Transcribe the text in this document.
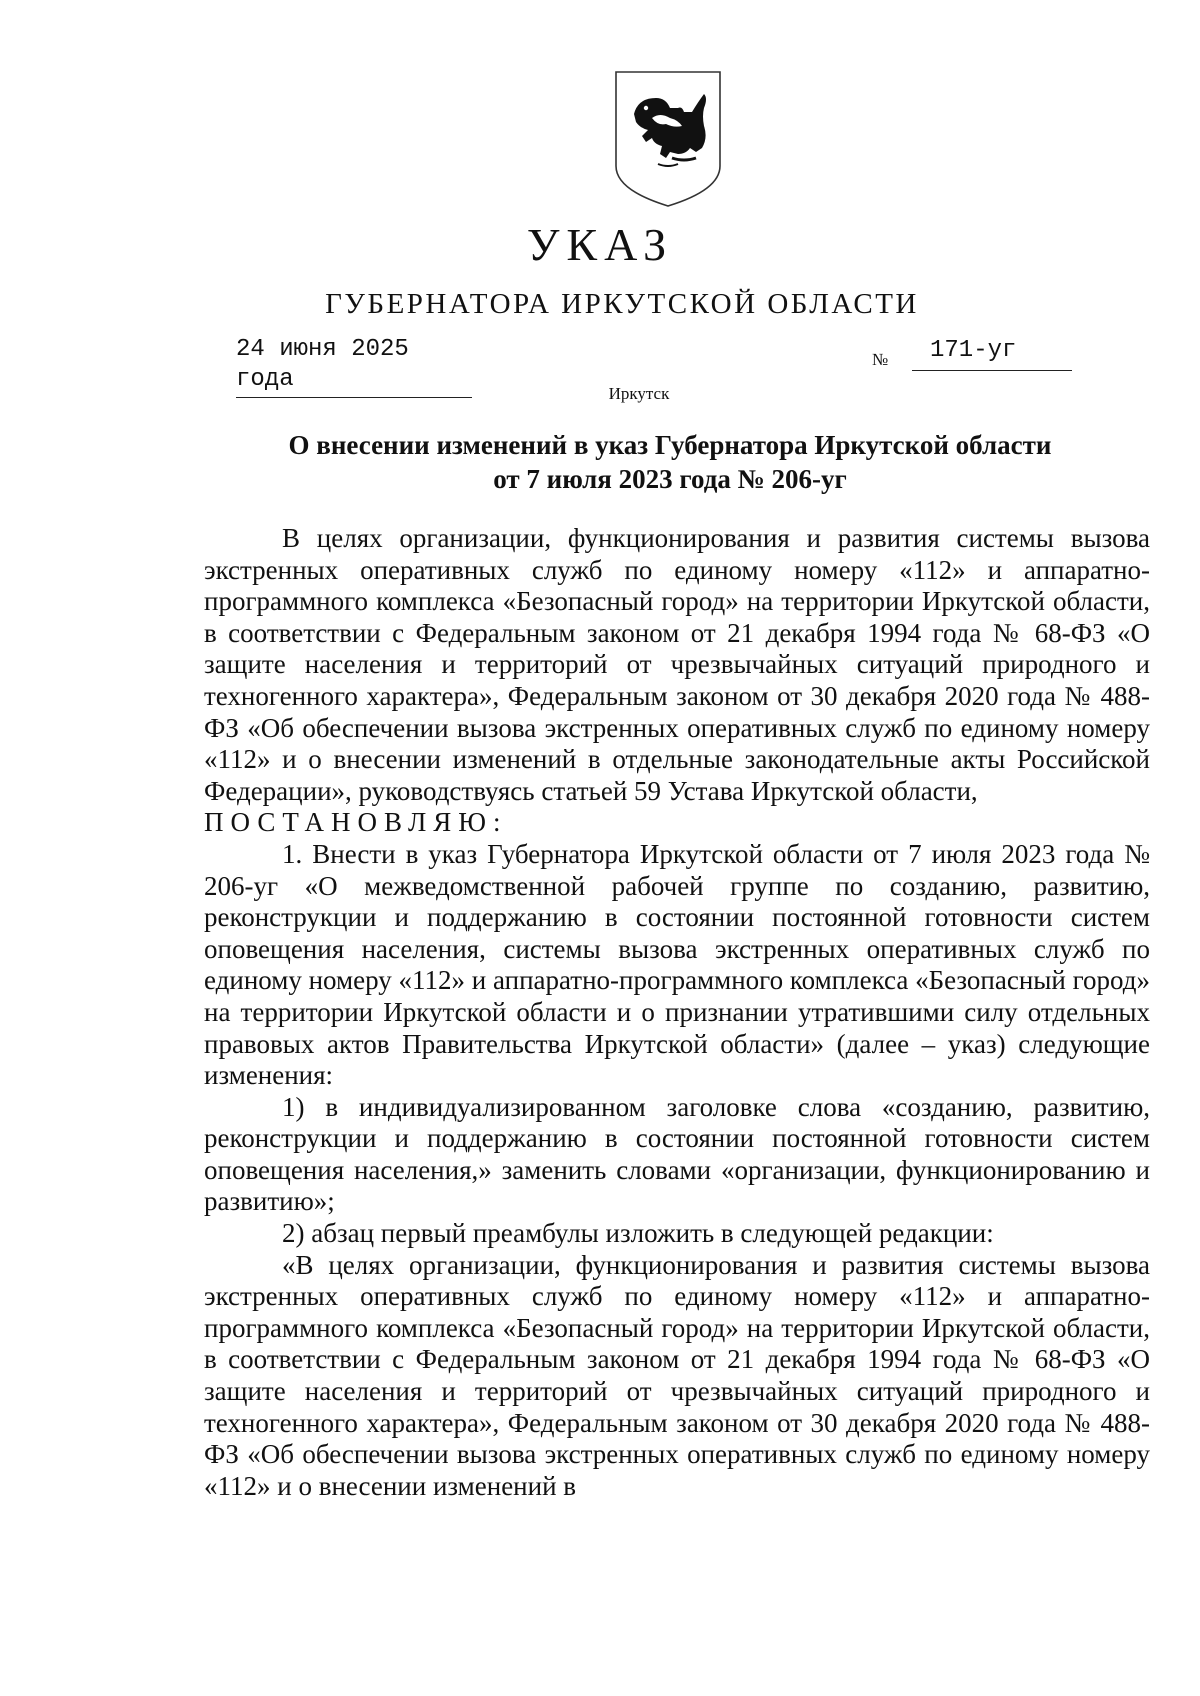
УКАЗ
ГУБЕРНАТОРА ИРКУТСКОЙ ОБЛАСТИ
24 июня 2025 года
№	171-уг
Иркутск
О внесении изменений в указ Губернатора Иркутской области
от 7 июля 2023 года № 206-уг

В целях организации, функционирования и развития системы вызова экстренных оперативных служб по единому номеру «112» и аппаратно-программного комплекса «Безопасный город» на территории Иркутской области, в соответствии с Федеральным законом от 21 декабря 1994 года № 68-ФЗ «О защите населения и территорий от чрезвычайных ситуаций природного и техногенного характера», Федеральным законом от 30 декабря 2020 года № 488-ФЗ «Об обеспечении вызова экстренных оперативных служб по единому номеру «112» и о внесении изменений в отдельные законодательные акты Российской Федерации», руководствуясь статьей 59 Устава Иркутской области,

ПОСТАНОВЛЯЮ:

1. Внести в указ Губернатора Иркутской области от 7 июля 2023 года № 206-уг «О межведомственной рабочей группе по созданию, развитию, реконструкции и поддержанию в состоянии постоянной готовности систем оповещения населения, системы вызова экстренных оперативных служб по единому номеру «112» и аппаратно-программного комплекса «Безопасный город» на территории Иркутской области и о признании утратившими силу отдельных правовых актов Правительства Иркутской области» (далее – указ) следующие изменения:

1) в индивидуализированном заголовке слова «созданию, развитию, реконструкции и поддержанию в состоянии постоянной готовности систем оповещения населения,» заменить словами «организации, функционированию и развитию»;

2) абзац первый преамбулы изложить в следующей редакции:

«В целях организации, функционирования и развития системы вызова экстренных оперативных служб по единому номеру «112» и аппаратно-программного комплекса «Безопасный город» на территории Иркутской области, в соответствии с Федеральным законом от 21 декабря 1994 года № 68-ФЗ «О защите населения и территорий от чрезвычайных ситуаций природного и техногенного характера», Федеральным законом от 30 декабря 2020 года № 488-ФЗ «Об обеспечении вызова экстренных оперативных служб по единому номеру «112» и о внесении изменений в
